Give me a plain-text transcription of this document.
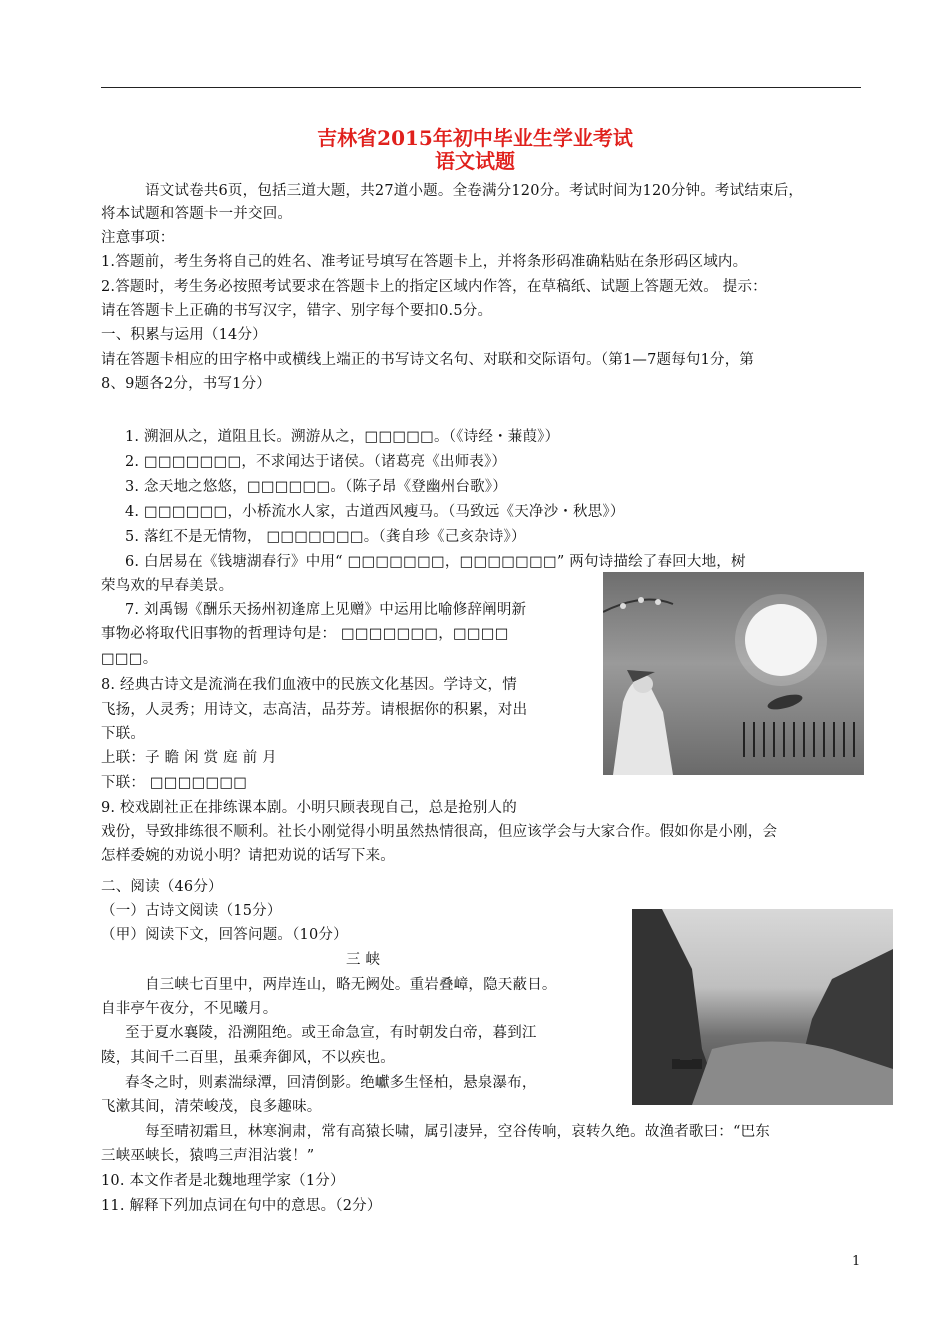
吉林省2015年初中毕业生学业考试
语文试题
语文试卷共6页，包括三道大题，共27道小题。全卷满分120分。考试时间为120分钟。考试结束后，
将本试题和答题卡一并交回。
注意事项：
1.答题前，考生务将自己的姓名、准考证号填写在答题卡上，并将条形码准确粘贴在条形码区域内。
2.答题时，考生务必按照考试要求在答题卡上的指定区域内作答，在草稿纸、试题上答题无效。 提示：
请在答题卡上正确的书写汉字，错字、别字每个要扣0.5分。
一、积累与运用（14分）
请在答题卡相应的田字格中或横线上端正的书写诗文名句、对联和交际语句。（第1—7题每句1分，第
8、9题各2分，书写1分）
1. 溯洄从之，道阻且长。溯游从之，□□□□□。（《诗经・蒹葭》）
2. □□□□□□□，不求闻达于诸侯。（诸葛亮《出师表》）
3. 念天地之悠悠，□□□□□□。（陈子昂《登幽州台歌》）
4. □□□□□□，小桥流水人家，古道西风瘦马。（马致远《天净沙・秋思》）
5. 落红不是无情物， □□□□□□□。（龚自珍《己亥杂诗》）
6. 白居易在《钱塘湖春行》中用“ □□□□□□□，□□□□□□□” 两句诗描绘了春回大地，树
荣鸟欢的早春美景。
7. 刘禹锡《酬乐天扬州初逢席上见赠》中运用比喻修辞阐明新
事物必将取代旧事物的哲理诗句是： □□□□□□□，□□□□
□□□。
8. 经典古诗文是流淌在我们血液中的民族文化基因。学诗文，情
飞扬，人灵秀；用诗文，志高洁，品芬芳。请根据你的积累，对出
下联。
上联：子 瞻 闲 赏 庭 前 月
下联： □□□□□□□
9. 校戏剧社正在排练课本剧。小明只顾表现自己，总是抢别人的
戏份，导致排练很不顺利。社长小刚觉得小明虽然热情很高，但应该学会与大家合作。假如你是小刚，会
怎样委婉的劝说小明？请把劝说的话写下来。
二、阅读（46分）
（一）古诗文阅读（15分）
（甲）阅读下文，回答问题。（10分）
三 峡
自三峡七百里中，两岸连山，略无阙处。重岩叠嶂，隐天蔽日。
自非亭午夜分，不见曦月。
至于夏水襄陵，沿溯阻绝。或王命急宣，有时朝发白帝，暮到江
陵，其间千二百里，虽乘奔御风，不以疾也。
春冬之时，则素湍绿潭，回清倒影。绝巘多生怪柏，悬泉瀑布，
飞漱其间，清荣峻茂，良多趣味。
每至晴初霜旦，林寒涧肃，常有高猿长啸，属引凄异，空谷传响，哀转久绝。故渔者歌曰：“巴东
三峡巫峡长，猿鸣三声泪沾裳！”
10. 本文作者是北魏地理学家（1分）
11. 解释下列加点词在句中的意思。（2分）
1
